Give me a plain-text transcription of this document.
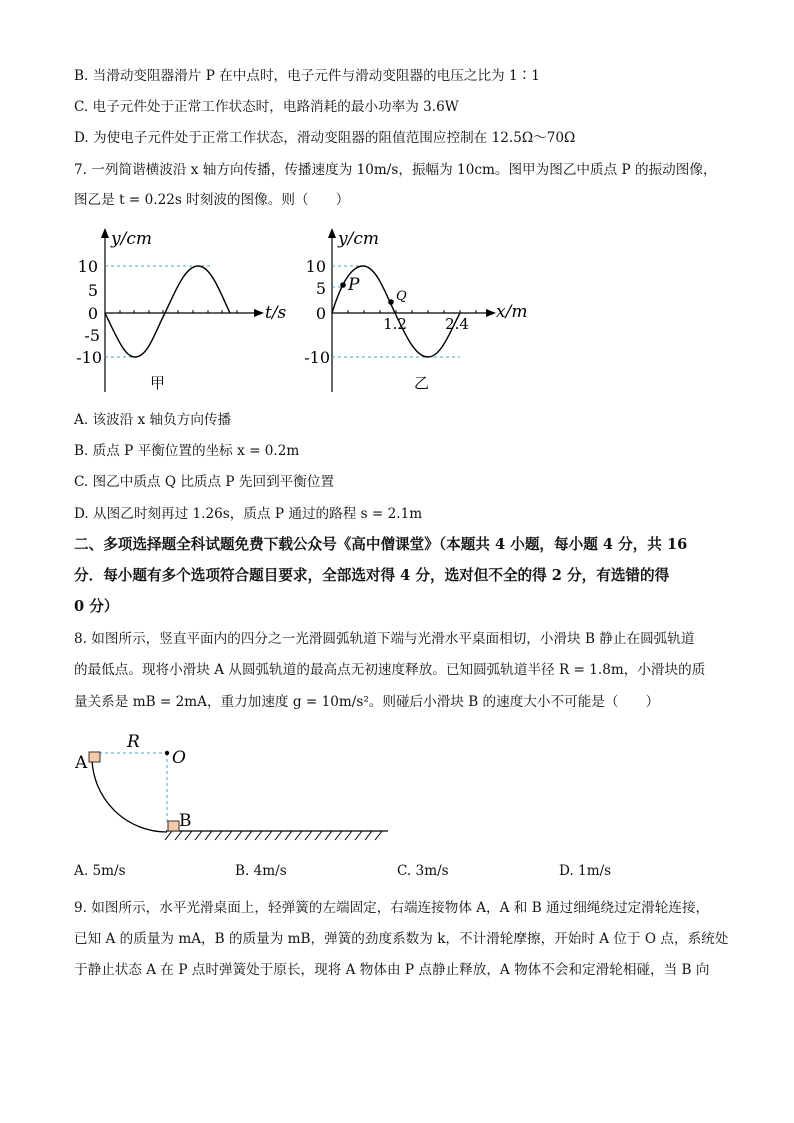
B. 当滑动变阻器滑片 P 在中点时，电子元件与滑动变阻器的电压之比为 1∶1
C. 电子元件处于正常工作状态时，电路消耗的最小功率为 3.6W
D. 为使电子元件处于正常工作状态，滑动变阻器的阻值范围应控制在 12.5Ω～70Ω
7. 一列简谐横波沿 x 轴方向传播，传播速度为 10m/s，振幅为 10cm。图甲为图乙中质点 P 的振动图像，
图乙是 t = 0.22s 时刻波的图像。则（　　）
y/cm
t/s
10
5
0
-5
-10
甲
P
Q
y/cm
x/m
10
5
0
-10
1.2	2.4
乙
A. 该波沿 x 轴负方向传播
B. 质点 P 平衡位置的坐标 x = 0.2m
C. 图乙中质点 Q 比质点 P 先回到平衡位置
D. 从图乙时刻再过 1.26s，质点 P 通过的路程 s = 2.1m
二、多项选择题全科试题免费下载公众号《高中僧课堂》（本题共 4 小题，每小题 4 分，共 16
分．每小题有多个选项符合题目要求，全部选对得 4 分，选对但不全的得 2 分，有选错的得
0 分）
8. 如图所示，竖直平面内的四分之一光滑圆弧轨道下端与光滑水平桌面相切，小滑块 B 静止在圆弧轨道
的最低点。现将小滑块 A 从圆弧轨道的最高点无初速度释放。已知圆弧轨道半径 R = 1.8m，小滑块的质
量关系是 mB = 2mA，重力加速度 g = 10m/s²。则碰后小滑块 B 的速度大小不可能是（　　）
A
B
O
R
A. 5m/s	B. 4m/s	C. 3m/s	D. 1m/s
9. 如图所示，水平光滑桌面上，轻弹簧的左端固定，右端连接物体 A，A 和 B 通过细绳绕过定滑轮连接，
已知 A 的质量为 mA，B 的质量为 mB，弹簧的劲度系数为 k，不计滑轮摩擦，开始时 A 位于 O 点，系统处
于静止状态 A 在 P 点时弹簧处于原长，现将 A 物体由 P 点静止释放，A 物体不会和定滑轮相碰，当 B 向
